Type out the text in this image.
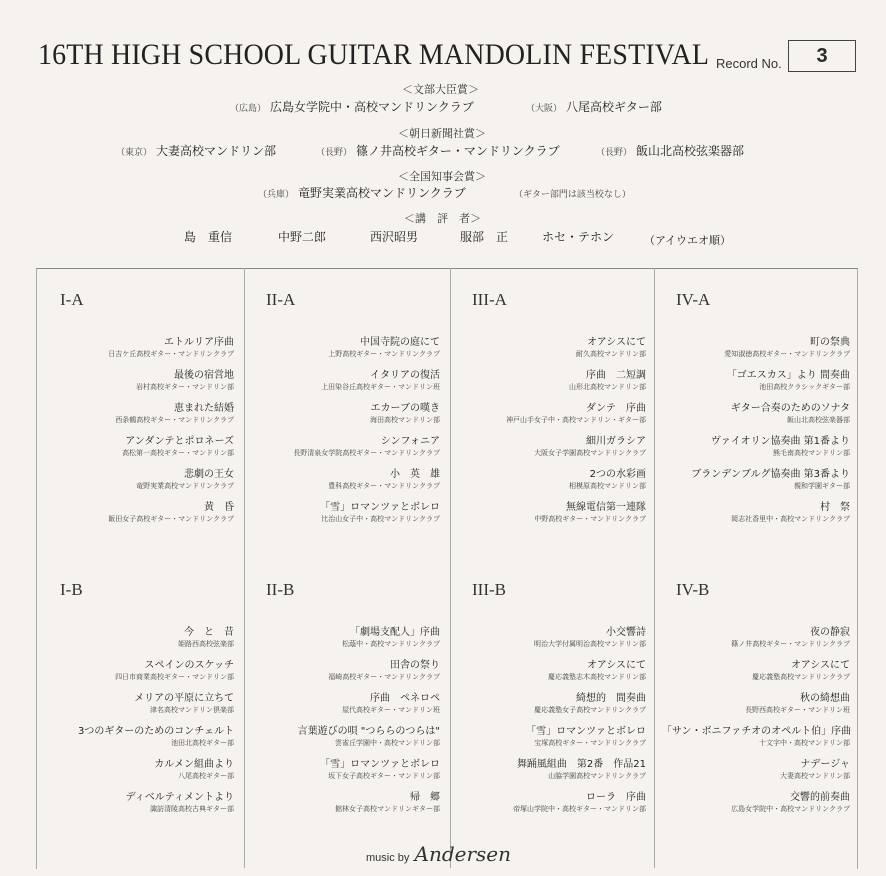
16TH HIGH SCHOOL GUITAR MANDOLIN FESTIVAL Record No.	3
＜文部大臣賞＞
（広島） 広島女学院中・高校マンドリンクラブ	（大阪） 八尾高校ギター部
＜朝日新聞社賞＞
（東京） 大妻高校マンドリン部	（長野） 篠ノ井高校ギター・マンドリンクラブ	（長野） 飯山北高校弦楽器部
＜全国知事会賞＞
（兵庫） 竜野実業高校マンドリンクラブ	（ギター部門は該当校なし）
＜講　評　者＞
島　重信	中野二郎	西沢昭男	服部　正	ホセ・テホン	（アイウエオ順）
I-A
エトルリア序曲
日吉ケ丘高校ギター・マンドリンクラブ
最後の宿営地
岩村高校ギター・マンドリン部
恵まれた結婚
西条鶴高校ギター・マンドリンクラブ
アンダンテとポロネーズ
高松第一高校ギター・マンドリン部
悲劇の王女
竜野実業高校マンドリンクラブ
黄　昏
飯田女子高校ギター・マンドリンクラブ
II-A
中国寺院の庭にて
上野高校ギター・マンドリンクラブ
イタリアの復活
上田染谷丘高校ギター・マンドリン班
エカーブの嘆き
海田高校マンドリン部
シンフォニア
長野清泉女学院高校ギター・マンドリンクラブ
小　英　雄
豊科高校ギター・マンドリンクラブ
「雪」ロマンツァとボレロ
比治山女子中・高校マンドリンクラブ
III-A
オアシスにて
耐久高校マンドリン部
序曲　二短調
山形北高校マンドリン部
ダンテ　序曲
神戸山手女子中・高校マンドリン・ギター部
細川ガラシア
大阪女子学園高校マンドリンクラブ
2つの水彩画
相模原高校マンドリン部
無線電信第一連隊
中野高校ギター・マンドリンクラブ
IV-A
町の祭典
愛知淑徳高校ギター・マンドリンクラブ
「ゴエスカス」より 間奏曲
池田高校クラシックギター部
ギター合奏のためのソナタ
飯山北高校弦楽器部
ヴァイオリン協奏曲 第1番より
熊毛南高校マンドリン部
ブランデンブルグ協奏曲 第3番より
親和学園ギター部
村　祭
岡志社香里中・高校マンドリンクラブ
I-B
今　と　昔
姫路西高校弦楽部
スペインのスケッチ
四日市商業高校ギター・マンドリン部
メリアの平原に立ちて
津名高校マンドリン倶楽部
3つのギターのためのコンチェルト
池田北高校ギター部
カルメン組曲より
八尾高校ギター部
ディベルティメントより
諏訪清陵高校古典ギター部
II-B
「劇場支配人」序曲
松蔭中・高校マンドリンクラブ
田舎の祭り
福崎高校ギター・マンドリンクラブ
序曲　ペネロペ
屋代高校ギター・マンドリン班
言葉遊びの唄 "つららのつらは"
雲雀丘学園中・高校マンドリン部
「雪」ロマンツァとボレロ
坂下女子高校ギター・マンドリン部
帰　郷
館林女子高校マンドリンギター部
III-B
小交響詩
明治大学付属明治高校マンドリン部
オアシスにて
慶応義塾志木高校マンドリン部
綺想的　間奏曲
慶応義塾女子高校マンドリンクラブ
「雪」ロマンツァとボレロ
宝塚高校ギター・マンドリンクラブ
舞踊風組曲　第2番　作品21
山脇学園高校マンドリンクラブ
ローラ　序曲
帝塚山学院中・高校ギター・マンドリン部
IV-B
夜の静寂
篠ノ井高校ギター・マンドリンクラブ
オアシスにて
慶応義塾高校マンドリンクラブ
秋の綺想曲
長野西高校ギター・マンドリン班
「サン・ボニファチオのオペルト伯」序曲
十文字中・高校マンドリン部
ナデージャ
大妻高校マンドリン部
交響的前奏曲
広島女学院中・高校マンドリンクラブ
music by Andersen
